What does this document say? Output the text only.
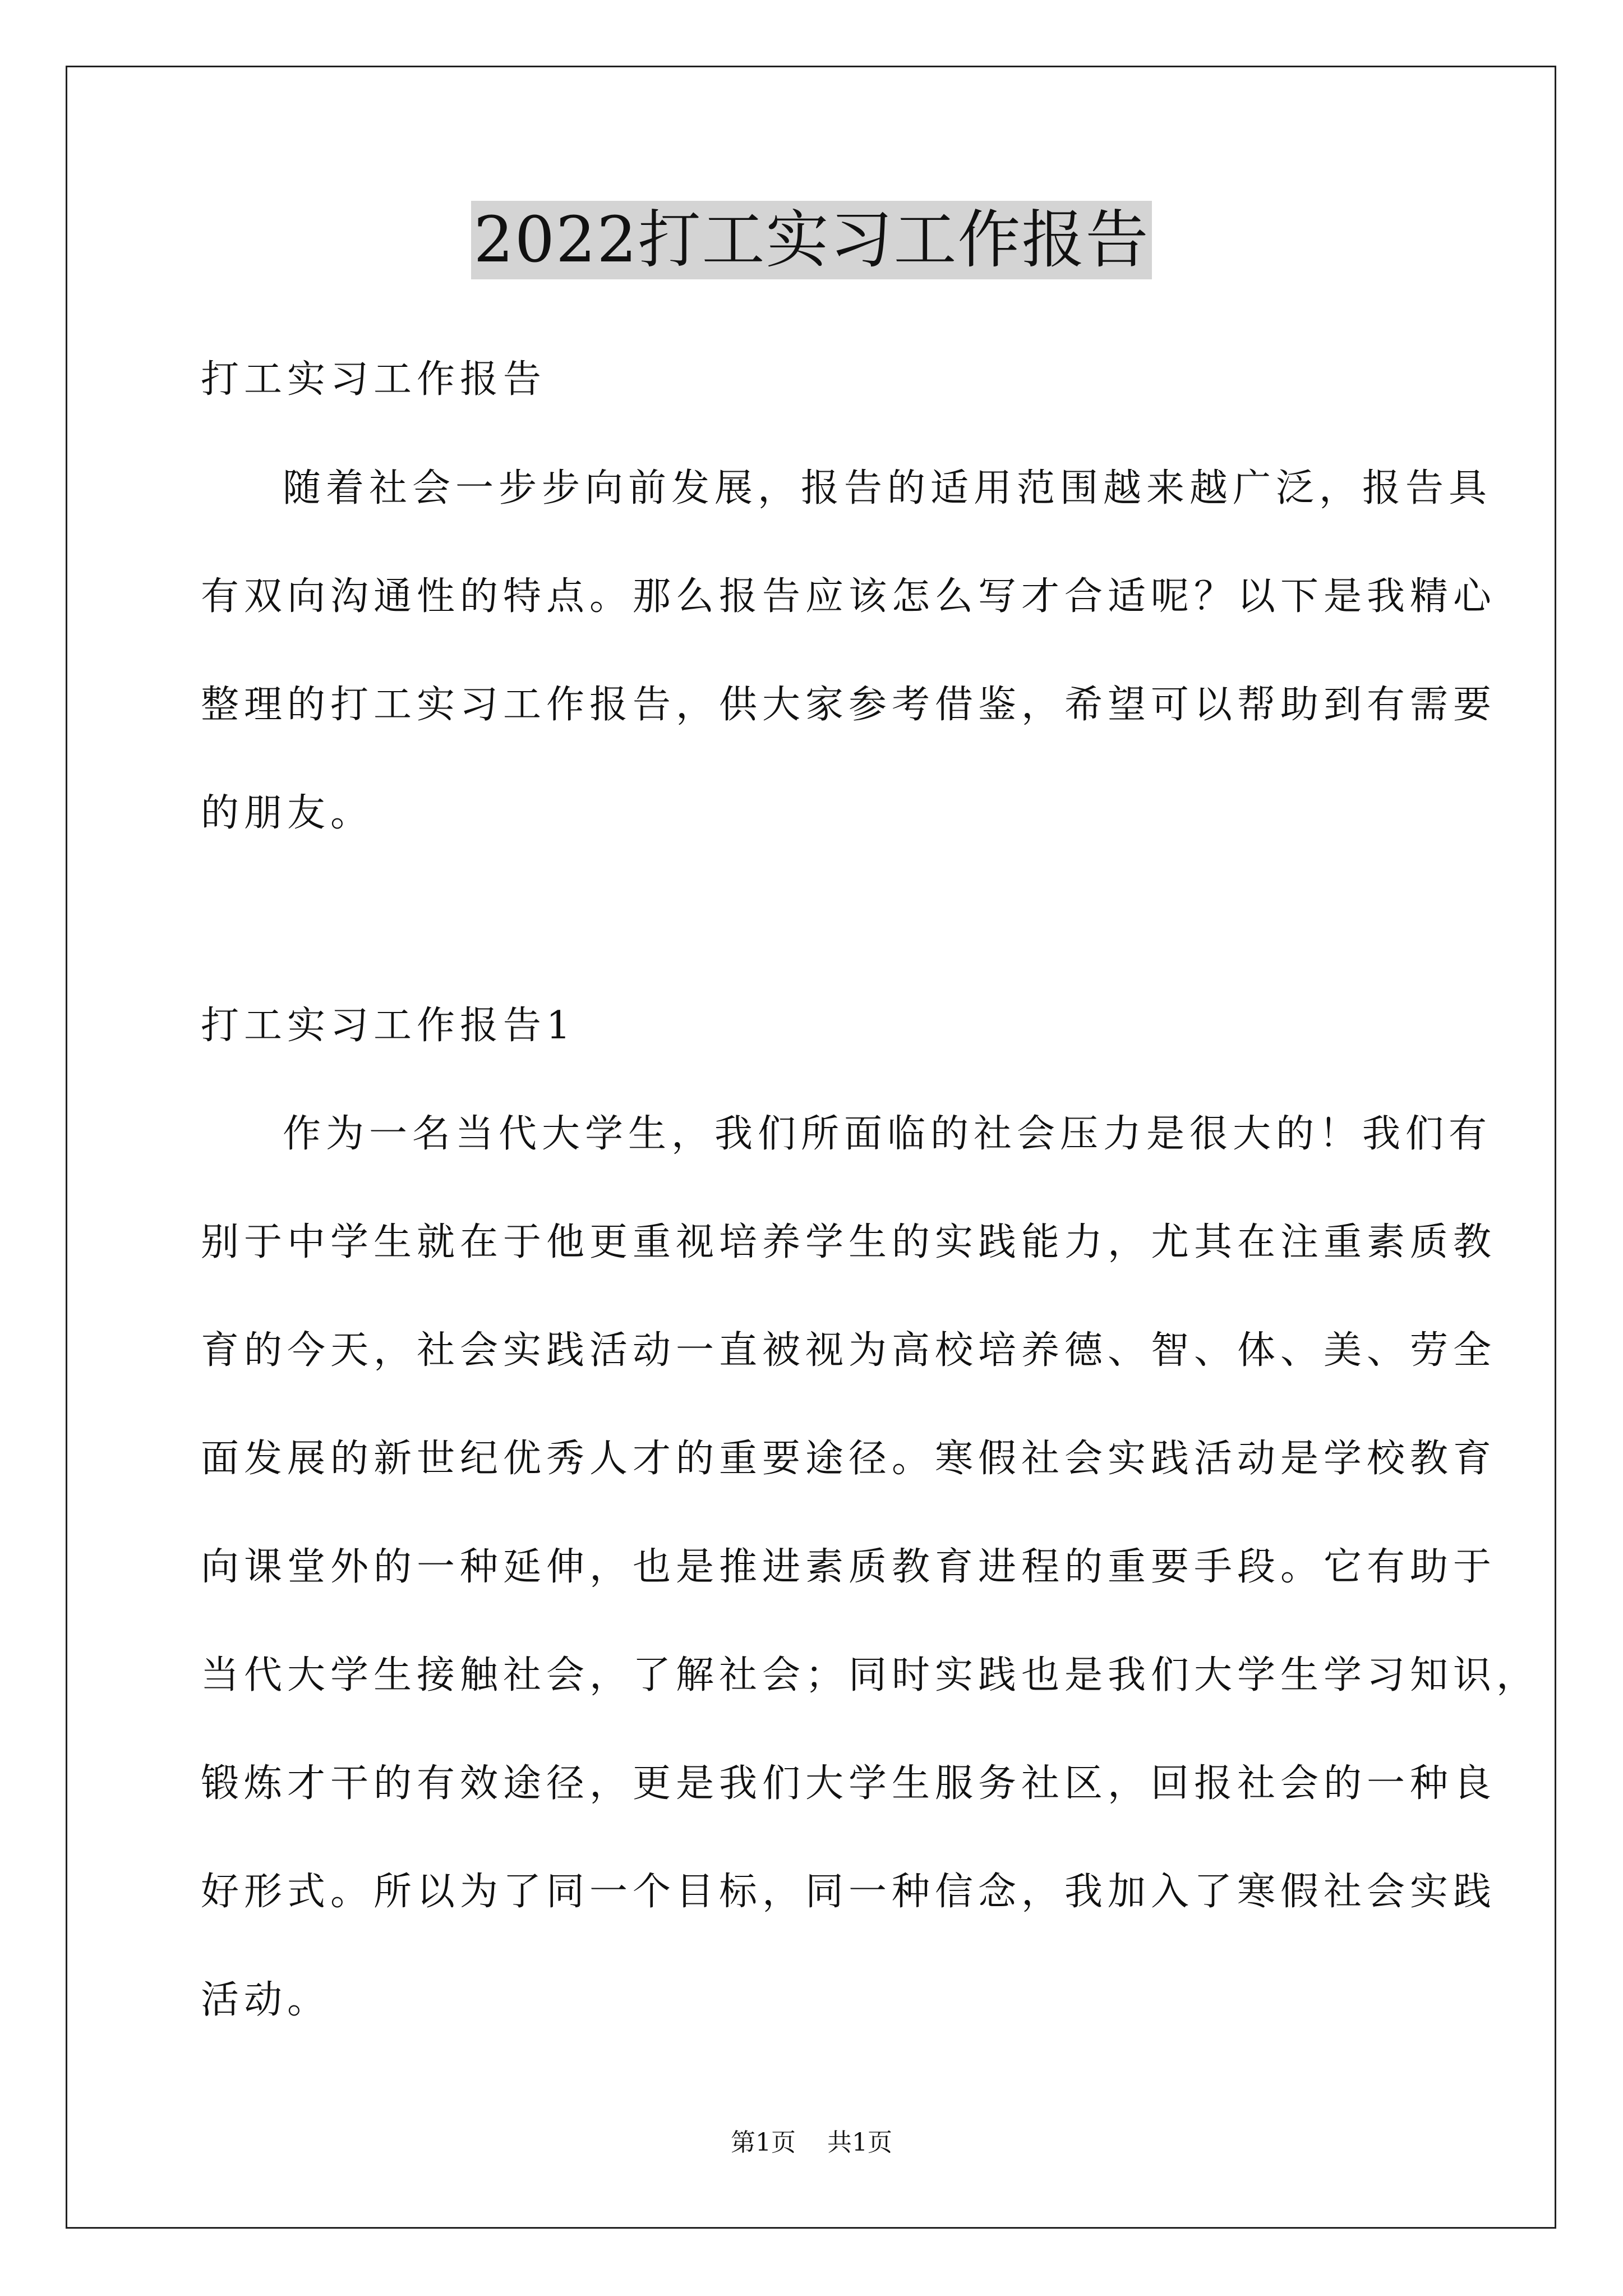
2022打工实习工作报告
打工实习工作报告
随着社会一步步向前发展，报告的适用范围越来越广泛，报告具
有双向沟通性的特点。那么报告应该怎么写才合适呢？以下是我精心
整理的打工实习工作报告，供大家参考借鉴，希望可以帮助到有需要
的朋友。
打工实习工作报告1
作为一名当代大学生，我们所面临的社会压力是很大的！我们有
别于中学生就在于他更重视培养学生的实践能力，尤其在注重素质教
育的今天，社会实践活动一直被视为高校培养德、智、体、美、劳全
面发展的新世纪优秀人才的重要途径。寒假社会实践活动是学校教育
向课堂外的一种延伸，也是推进素质教育进程的重要手段。它有助于
当代大学生接触社会，了解社会；同时实践也是我们大学生学习知识，
锻炼才干的有效途径，更是我们大学生服务社区，回报社会的一种良
好形式。所以为了同一个目标，同一种信念，我加入了寒假社会实践
活动。
第1页 共1页
